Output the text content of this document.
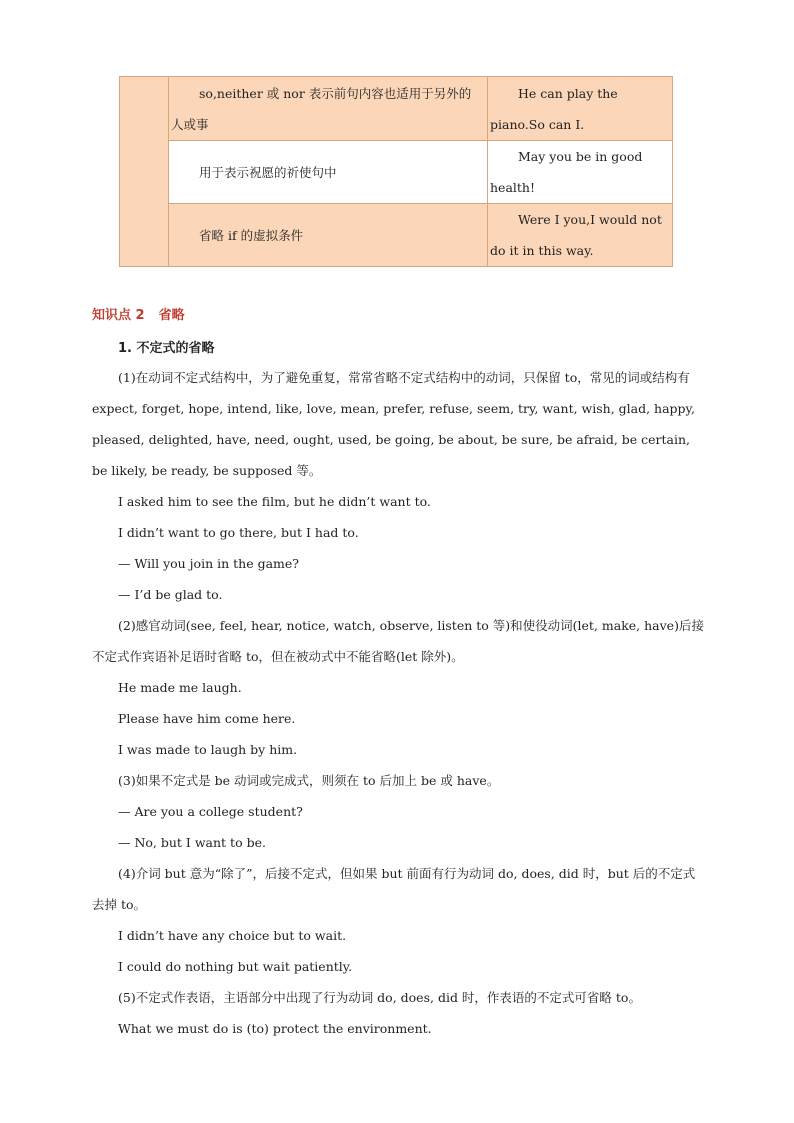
	so,neither 或 nor 表示前句内容也适用于另外的人或事	He can play the piano.So can I.

	用于表示祝愿的祈使句中	May you be in good health!

	省略 if 的虚拟条件	Were I you,I would not do it in this way.
知识点 2 省略
1. 不定式的省略

(1)在动词不定式结构中，为了避免重复，常常省略不定式结构中的动词，只保留 to，常见的词或结构有 expect, forget, hope, intend, like, love, mean, prefer, refuse, seem, try, want, wish, glad, happy, pleased, delighted, have, need, ought, used, be going, be about, be sure, be afraid, be certain, be likely, be ready, be supposed 等。

I asked him to see the film, but he didn’t want to.

I didn’t want to go there, but I had to.

— Will you join in the game?

— I’d be glad to.

(2)感官动词(see, feel, hear, notice, watch, observe, listen to 等)和使役动词(let, make, have)后接不定式作宾语补足语时省略 to，但在被动式中不能省略(let 除外)。

He made me laugh.

Please have him come here.

I was made to laugh by him.

(3)如果不定式是 be 动词或完成式，则须在 to 后加上 be 或 have。

— Are you a college student?

— No, but I want to be.

(4)介词 but 意为“除了”，后接不定式，但如果 but 前面有行为动词 do, does, did 时，but 后的不定式去掉 to。

I didn’t have any choice but to wait.

I could do nothing but wait patiently.

(5)不定式作表语，主语部分中出现了行为动词 do, does, did 时，作表语的不定式可省略 to。

What we must do is (to) protect the environment.
